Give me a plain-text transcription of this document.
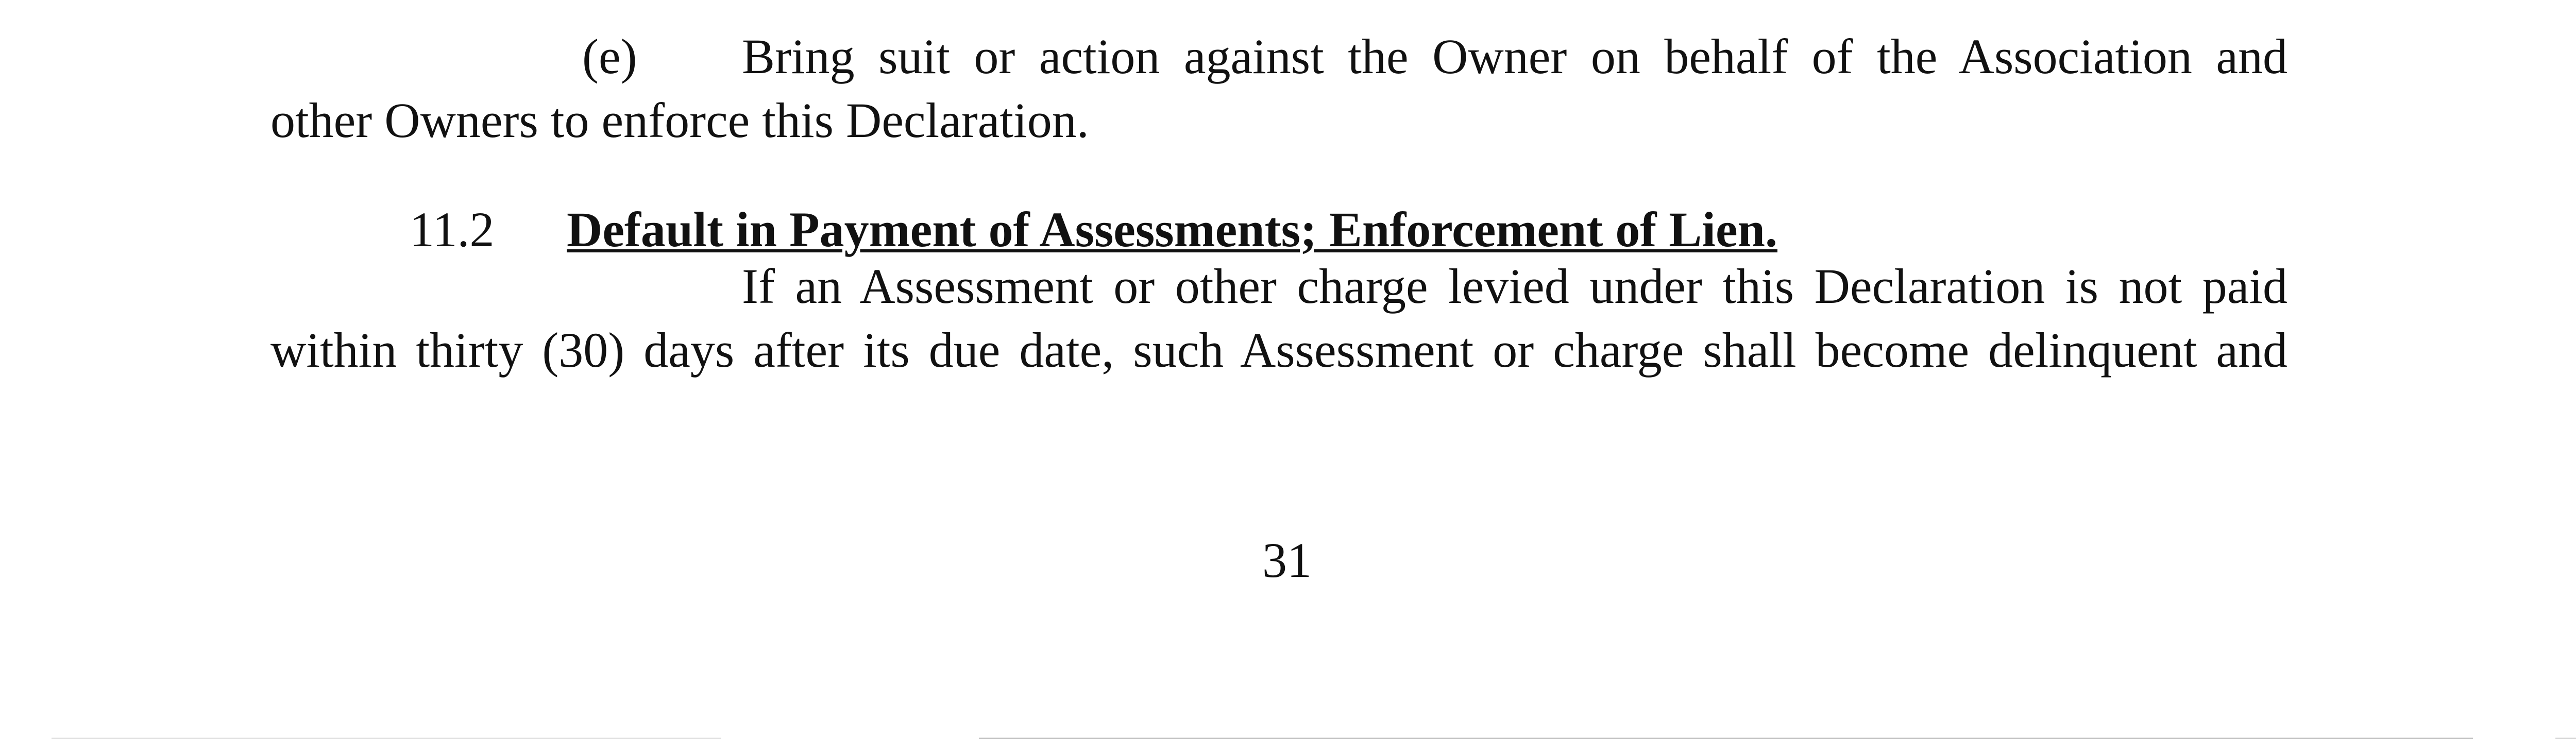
(e) Bring suit or action against the Owner on behalf of the Association and
other Owners to enforce this Declaration.
11.2 Default in Payment of Assessments; Enforcement of Lien.
If an Assessment or other charge levied under this Declaration is not paid
within thirty (30) days after its due date, such Assessment or charge shall become delinquent and
31
